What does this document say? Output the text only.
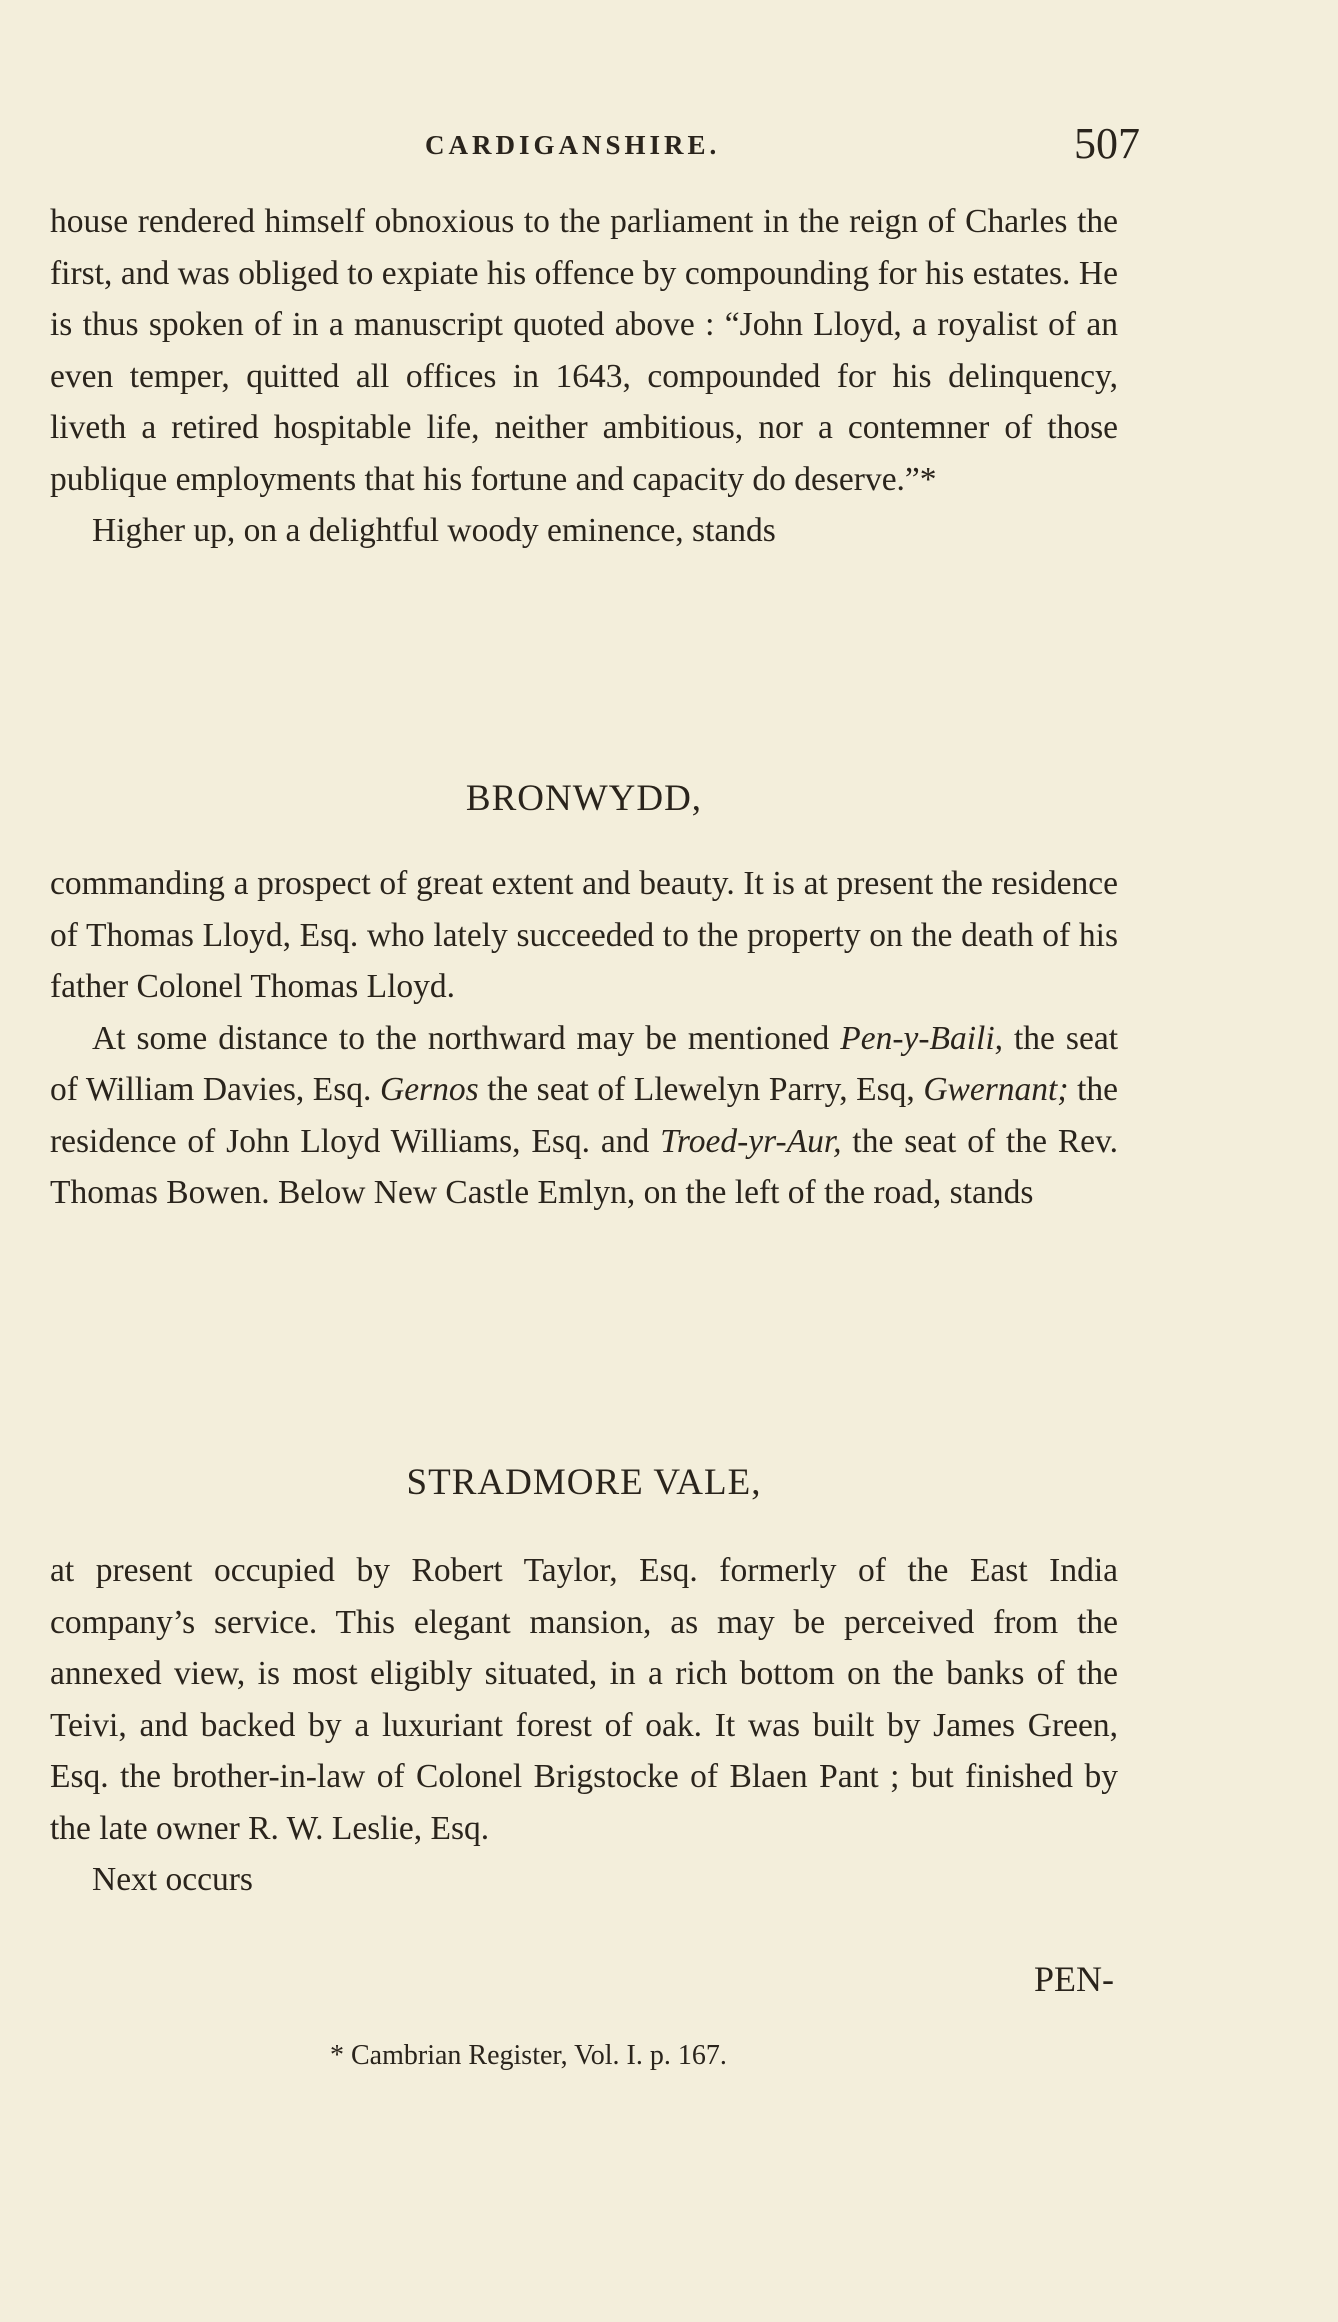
CARDIGANSHIRE.	507

house rendered himself obnoxious to the parliament in the reign of Charles the first, and was obliged to expiate his offence by compounding for his estates. He is thus spoken of in a manuscript quoted above : “John Lloyd, a royalist of an even temper, quitted all offices in 1643, compounded for his delinquency, liveth a retired hospitable life, neither ambitious, nor a contemner of those publique employments that his fortune and capacity do deserve.”*

Higher up, on a delightful woody eminence, stands

BRONWYDD,

commanding a prospect of great extent and beauty. It is at present the residence of Thomas Lloyd, Esq. who lately succeeded to the property on the death of his father Colonel Thomas Lloyd.

At some distance to the northward may be mentioned Pen-y-Baili, the seat of William Davies, Esq. Gernos the seat of Llewelyn Parry, Esq, Gwernant; the residence of John Lloyd Williams, Esq. and Troed-yr-Aur, the seat of the Rev. Thomas Bowen. Below New Castle Emlyn, on the left of the road, stands

STRADMORE VALE,

at present occupied by Robert Taylor, Esq. formerly of the East India company’s service. This elegant mansion, as may be perceived from the annexed view, is most eligibly situated, in a rich bottom on the banks of the Teivi, and backed by a luxuriant forest of oak. It was built by James Green, Esq. the brother-in-law of Colonel Brigstocke of Blaen Pant ; but finished by the late owner R. W. Leslie, Esq.

Next occurs

PEN-
* Cambrian Register, Vol. I. p. 167.
